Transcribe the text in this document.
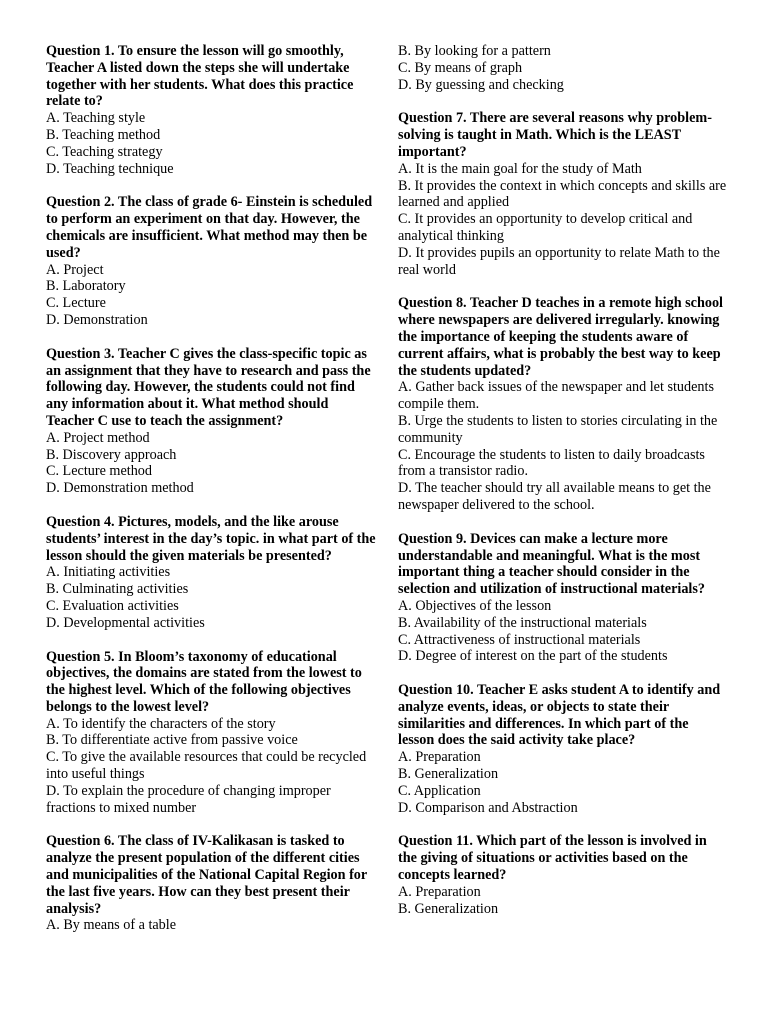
Question 1. To ensure the lesson will go smoothly, Teacher A listed down the steps she will undertake together with her students. What does this practice relate to?
A. Teaching style
B. Teaching method
C. Teaching strategy
D. Teaching technique
Question 2. The class of grade 6- Einstein is scheduled to perform an experiment on that day. However, the chemicals are insufficient. What method may then be used?
A. Project
B. Laboratory
C. Lecture
D. Demonstration
Question 3. Teacher C gives the class-specific topic as an assignment that they have to research and pass the following day. However, the students could not find any information about it. What method should Teacher C use to teach the assignment?
A. Project method
B. Discovery approach
C. Lecture method
D. Demonstration method
Question 4. Pictures, models, and the like arouse students’ interest in the day’s topic. in what part of the lesson should the given materials be presented?
A. Initiating activities
B. Culminating activities
C. Evaluation activities
D. Developmental activities
Question 5. In Bloom’s taxonomy of educational objectives, the domains are stated from the lowest to the highest level. Which of the following objectives belongs to the lowest level?
A. To identify the characters of the story
B. To differentiate active from passive voice
C. To give the available resources that could be recycled into useful things
D. To explain the procedure of changing improper fractions to mixed number
Question 6. The class of IV-Kalikasan is tasked to analyze the present population of the different cities and municipalities of the National Capital Region for the last five years. How can they best present their analysis?
A. By means of a table
B. By looking for a pattern
C. By means of graph
D. By guessing and checking
Question 7. There are several reasons why problem-solving is taught in Math. Which is the LEAST important?
A. It is the main goal for the study of Math
B. It provides the context in which concepts and skills are learned and applied
C. It provides an opportunity to develop critical and analytical thinking
D. It provides pupils an opportunity to relate Math to the real world
Question 8. Teacher D teaches in a remote high school where newspapers are delivered irregularly. knowing the importance of keeping the students aware of current affairs, what is probably the best way to keep the students updated?
A. Gather back issues of the newspaper and let students compile them.
B. Urge the students to listen to stories circulating in the community
C. Encourage the students to listen to daily broadcasts from a transistor radio.
D. The teacher should try all available means to get the newspaper delivered to the school.
Question 9. Devices can make a lecture more understandable and meaningful. What is the most important thing a teacher should consider in the selection and utilization of instructional materials?
A. Objectives of the lesson
B. Availability of the instructional materials
C. Attractiveness of instructional materials
D. Degree of interest on the part of the students
Question 10. Teacher E asks student A to identify and analyze events, ideas, or objects to state their similarities and differences. In which part of the lesson does the said activity take place?
A. Preparation
B. Generalization
C. Application
D. Comparison and Abstraction
Question 11. Which part of the lesson is involved in the giving of situations or activities based on the concepts learned?
A. Preparation
B. Generalization
